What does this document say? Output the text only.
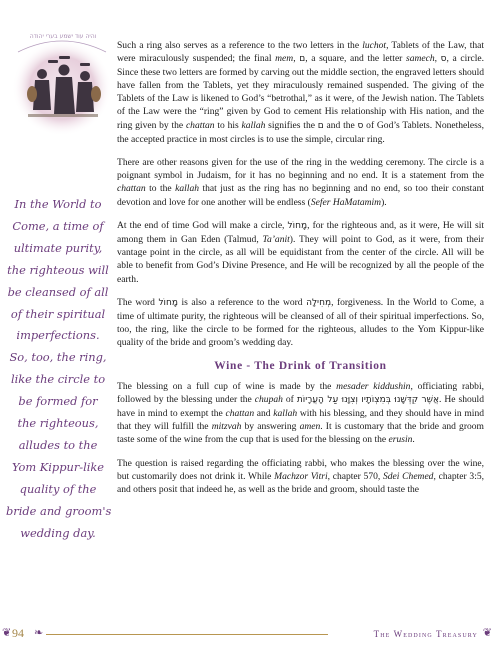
והיה עוד ישמע בערי יהודה
In the World to
Come, a time of
ultimate purity,
the righteous will
be cleansed of all
of their spiritual
imperfections.
So, too, the ring,
like the circle to
be formed for
the righteous,
alludes to the
Yom Kippur-like
quality of the
bride and groom's
wedding day.

Such a ring also serves as a reference to the two letters in the luchot, Tablets of the Law, that were miraculously suspended; the final mem, ם, a square, and the letter samech, ס, a circle. Since these two letters are formed by carving out the middle section, the engraved letters should have fallen from the Tablets, yet they miraculously remained suspended. The giving of the Tablets of the Law is likened to God’s “betrothal,” as it were, of the Jewish nation. The Tablets of the Law were the “ring” given by God to cement His relationship with His nation, and the ring given by the chattan to his kallah signifies the ם and the ס of God’s Tablets. Nonetheless, the accepted practice in most circles is to use the simple, circular ring.

There are other reasons given for the use of the ring in the wedding ceremony. The circle is a poignant symbol in Judaism, for it has no beginning and no end. It is a statement from the chattan to the kallah that just as the ring has no beginning and no end, so too their constant devotion and love for one another will be endless (Sefer HaMatamim).

At the end of time God will make a circle, מָחוֹל, for the righteous and, as it were, He will sit among them in Gan Eden (Talmud, Ta’anit). They will point to God, as it were, from their vantage point in the circle, as all will be equidistant from the center of the circle. All will be able to benefit from God’s Divine Presence, and He will be recognized by all the people of the earth.

The word מָחוֹל is also a reference to the word מְחִילָה, forgiveness. In the World to Come, a time of ultimate purity, the righteous will be cleansed of all of their spiritual imperfections. So, too, the ring, like the circle to be formed for the righteous, alludes to the Yom Kippur-like quality of the bride and groom’s wedding day.

Wine - The Drink of Transition

The blessing on a full cup of wine is made by the mesader kiddushin, officiating rabbi, followed by the blessing under the chupah of אֲשֶׁר קִדְּשָׁנוּ בְּמִצְוֹתָיו וְצִוָּנוּ עַל הָעֲרָיוֹת. He should have in mind to exempt the chattan and kallah with his blessing, and they should have in mind that they will fulfill the mitzvah by answering amen. It is customary that the bride and groom taste some of the wine from the cup that is used for the blessing on the erusin.

The question is raised regarding the officiating rabbi, who makes the blessing over the wine, but customarily does not drink it. While Machzor Vitri, chapter 570, Sdei Chemed, chapter 3:5, and others posit that indeed he, as well as the bride and groom, should taste the

❦ 94 ❧	The Wedding Treasury ❦
